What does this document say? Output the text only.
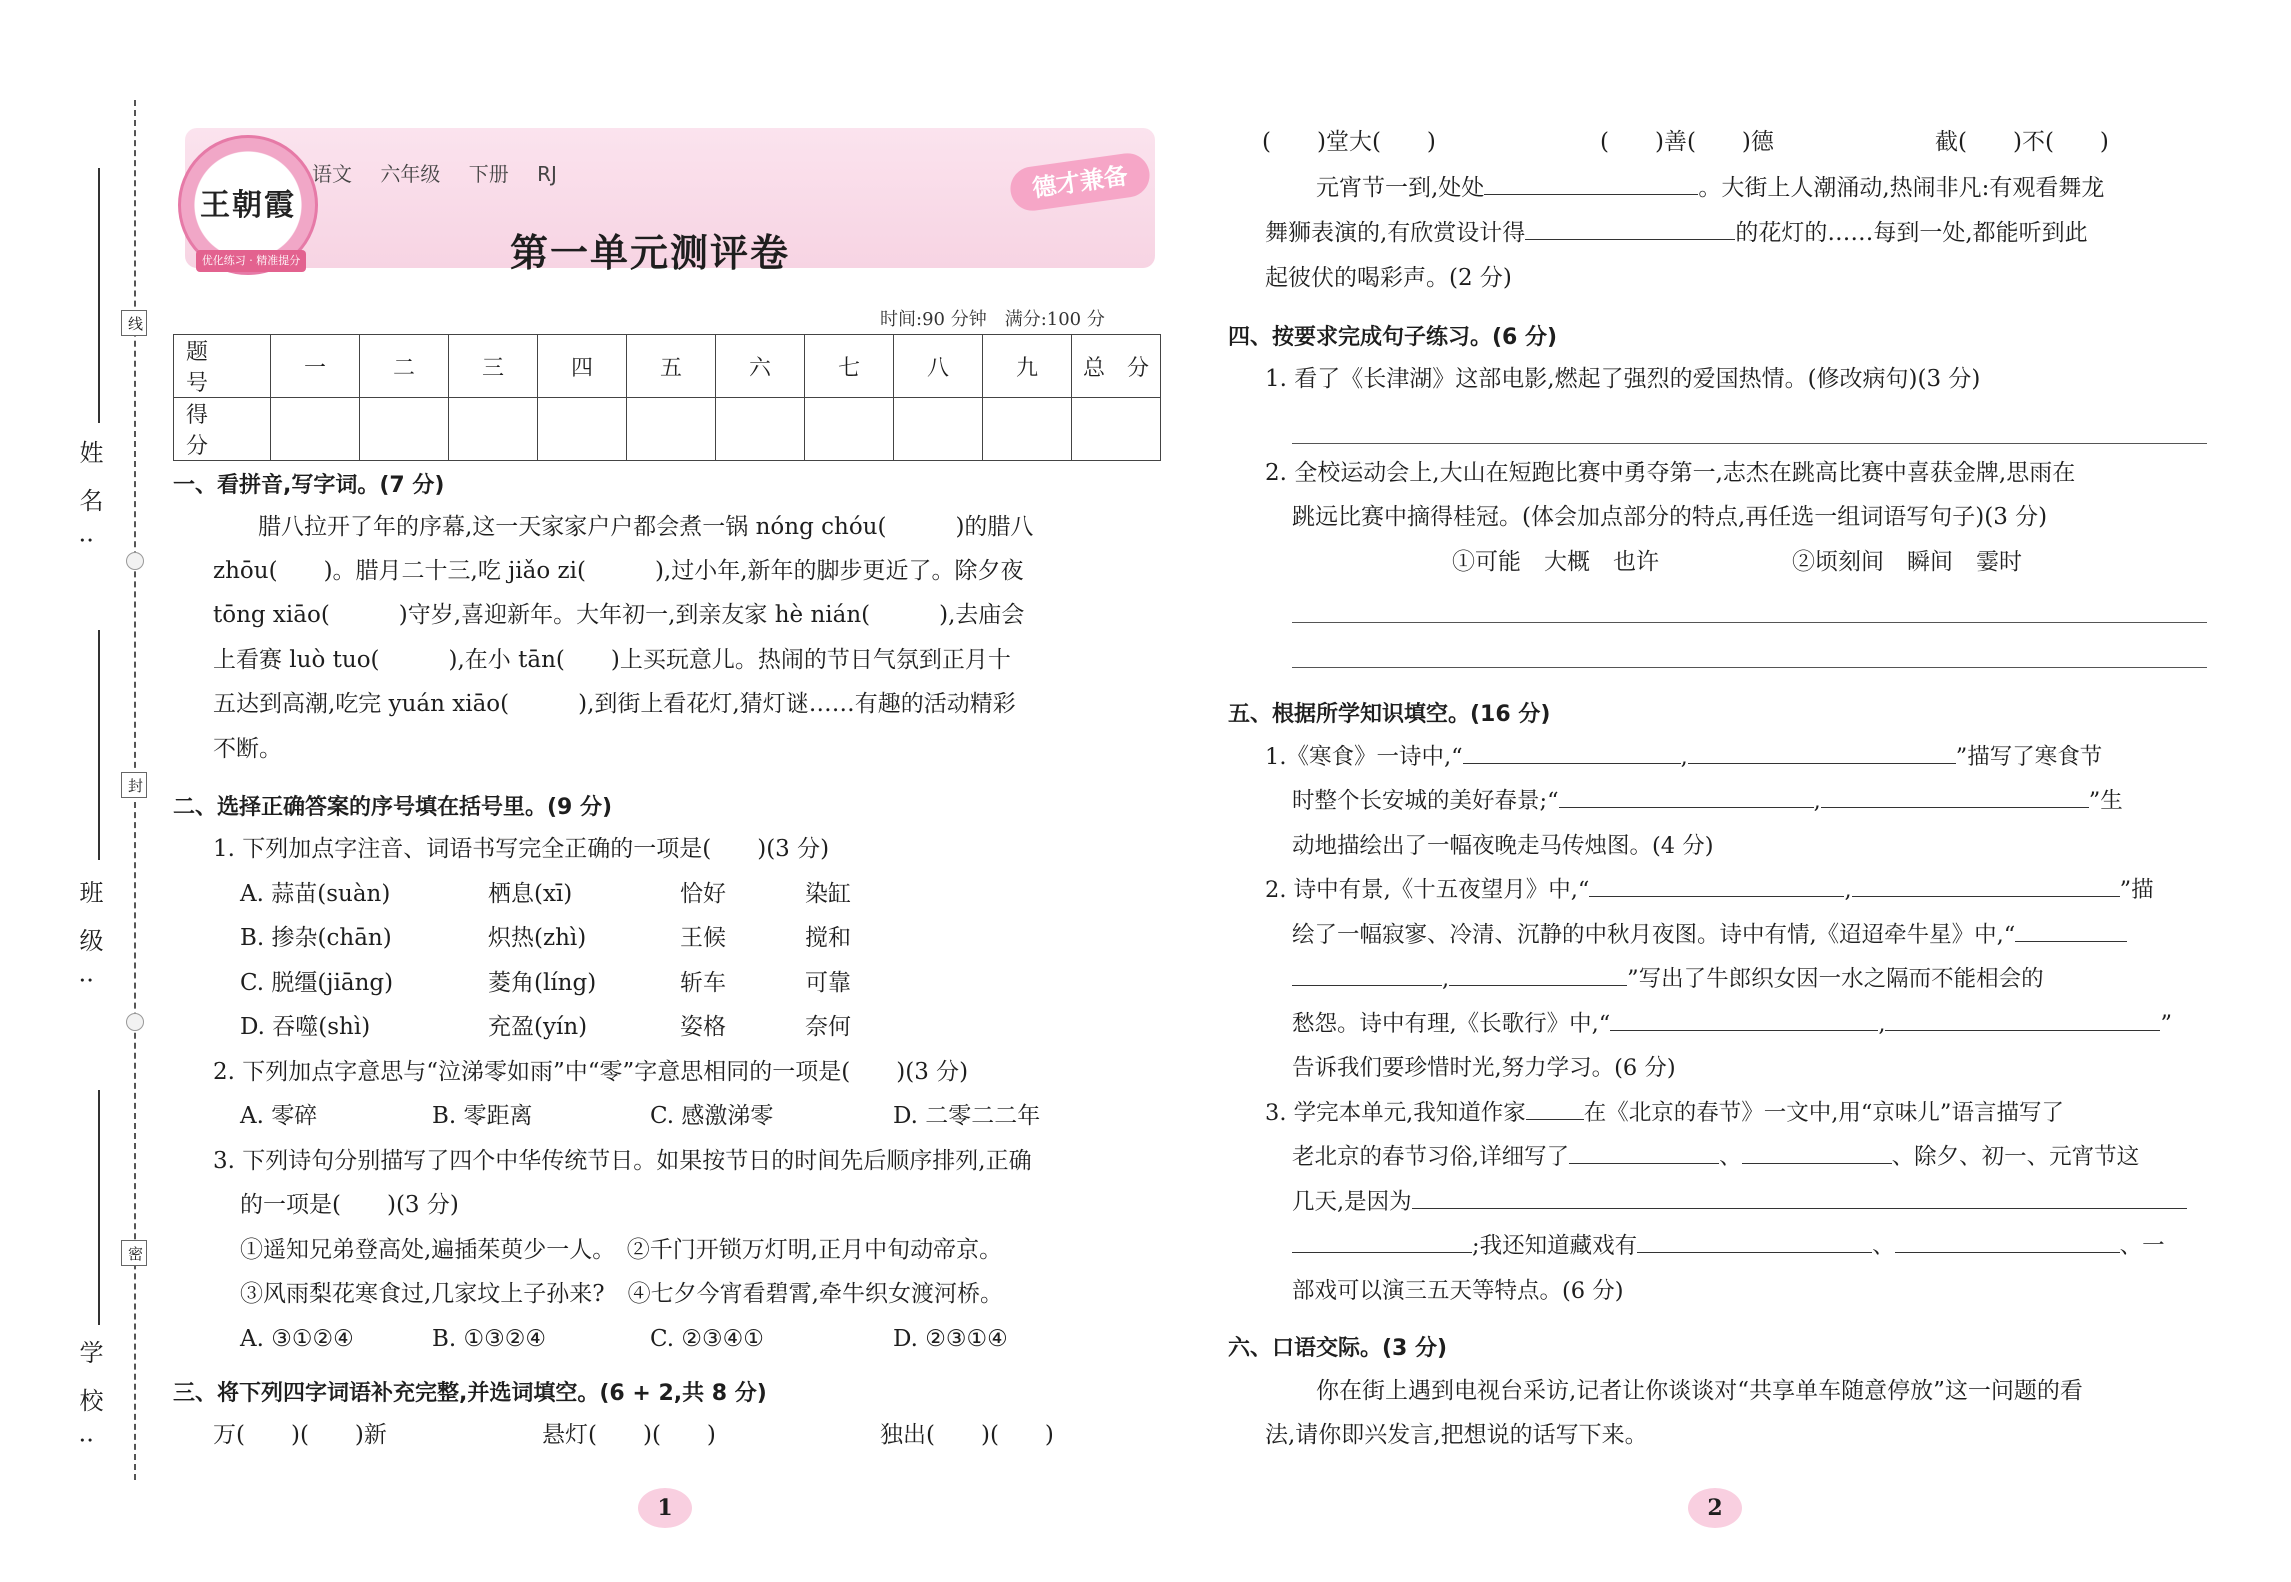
姓名:
班级:
学校:
线
封
密
王朝霞
优化练习 · 精准提分
语文 六年级 下册 RJ	德才兼备
第一单元测评卷
时间:90 分钟　满分:100 分
题　号	一	二	三	四	五	六	七	八	九	总　分
得　分										
一、看拼音,写字词。(7 分)
腊八拉开了年的序幕,这一天家家户户都会煮一锅 nóng chóu(　　　)的腊八
zhōu(　　)。腊月二十三,吃 jiǎo zi(　　　),过小年,新年的脚步更近了。除夕夜
tōng xiāo(　　　)守岁,喜迎新年。大年初一,到亲友家 hè nián(　　　),去庙会
上看赛 luò tuo(　　　),在小 tān(　　)上买玩意儿。热闹的节日气氛到正月十
五达到高潮,吃完 yuán xiāo(　　　),到街上看花灯,猜灯谜……有趣的活动精彩
不断。
二、选择正确答案的序号填在括号里。(9 分)
1. 下列加点字注音、词语书写完全正确的一项是(　　)(3 分)
A. 蒜苗(suàn)	栖息(xī)	恰好	染缸
B. 掺杂(chān)	炽热(zhì)	王候	搅和
C. 脱缰(jiāng)	菱角(líng)	斩车	可靠
D. 吞噬(shì)	充盈(yín)	姿格	奈何
2. 下列加点字意思与“泣涕零如雨”中“零”字意思相同的一项是(　　)(3 分)
A. 零碎	B. 零距离	C. 感激涕零	D. 二零二二年
3. 下列诗句分别描写了四个中华传统节日。如果按节日的时间先后顺序排列,正确
的一项是(　　)(3 分)
①遥知兄弟登高处,遍插茱萸少一人。　②千门开锁万灯明,正月中旬动帝京。
③风雨梨花寒食过,几家坟上子孙来?　④七夕今宵看碧霄,牵牛织女渡河桥。
A. ③①②④	B. ①③②④	C. ②③④①	D. ②③①④
三、将下列四字词语补充完整,并选词填空。(6 + 2,共 8 分)
万(　　)(　　)新	悬灯(　　)(　　)	独出(　　)(　　)
1
(　　)堂大(　　)	(　　)善(　　)德	截(　　)不(　　)
元宵节一到,处处	。大街上人潮涌动,热闹非凡:有观看舞龙
舞狮表演的,有欣赏设计得	的花灯的……每到一处,都能听到此
起彼伏的喝彩声。(2 分)
四、按要求完成句子练习。(6 分)
1. 看了《长津湖》这部电影,燃起了强烈的爱国热情。(修改病句)(3 分)
2. 全校运动会上,大山在短跑比赛中勇夺第一,志杰在跳高比赛中喜获金牌,思雨在
跳远比赛中摘得桂冠。(体会加点部分的特点,再任选一组词语写句子)(3 分)
①可能　大概　也许	②顷刻间　瞬间　霎时
五、根据所学知识填空。(16 分)
1.《寒食》一诗中,“	,	”描写了寒食节
时整个长安城的美好春景;“	,	”生
动地描绘出了一幅夜晚走马传烛图。(4 分)
2. 诗中有景,《十五夜望月》中,“	,	”描
绘了一幅寂寥、冷清、沉静的中秋月夜图。诗中有情,《迢迢牵牛星》中,“
,	”写出了牛郎织女因一水之隔而不能相会的
愁怨。诗中有理,《长歌行》中,“	,	”
告诉我们要珍惜时光,努力学习。(6 分)
3. 学完本单元,我知道作家	在《北京的春节》一文中,用“京味儿”语言描写了
老北京的春节习俗,详细写了	、	、除夕、初一、元宵节这
几天,是因为
;我还知道藏戏有	、	、一
部戏可以演三五天等特点。(6 分)
六、口语交际。(3 分)
你在街上遇到电视台采访,记者让你谈谈对“共享单车随意停放”这一问题的看
法,请你即兴发言,把想说的话写下来。
2
